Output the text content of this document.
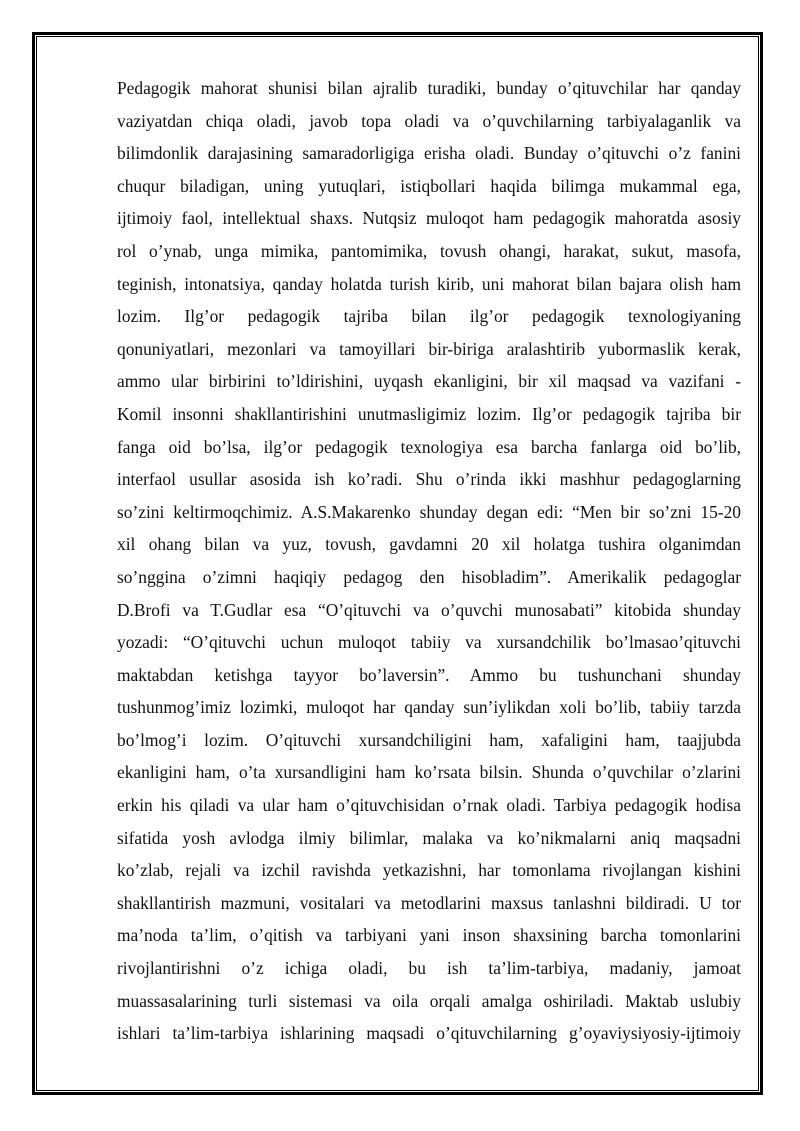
Pedagogik mahorat shunisi bilan ajralib turadiki, bunday o’qituvchilar har qanday
vaziyatdan chiqa oladi, javob topa oladi va o’quvchilarning tarbiyalaganlik va
bilimdonlik darajasining samaradorligiga erisha oladi. Bunday o’qituvchi o’z fanini
chuqur biladigan, uning yutuqlari, istiqbollari haqida bilimga mukammal ega,
ijtimoiy faol, intellektual shaxs. Nutqsiz muloqot ham pedagogik mahoratda asosiy
rol o’ynab, unga mimika, pantomimika, tovush ohangi, harakat, sukut, masofa,
teginish, intonatsiya, qanday holatda turish kirib, uni mahorat bilan bajara olish ham
lozim. Ilg’or pedagogik tajriba bilan ilg’or pedagogik texnologiyaning
qonuniyatlari, mezonlari va tamoyillari bir-biriga aralashtirib yubormaslik kerak,
ammo ular birbirini to’ldirishini, uyqash ekanligini, bir xil maqsad va vazifani -
Komil insonni shakllantirishini unutmasligimiz lozim. Ilg’or pedagogik tajriba bir
fanga oid bo’lsa, ilg’or pedagogik texnologiya esa barcha fanlarga oid bo’lib,
interfaol usullar asosida ish ko’radi. Shu o’rinda ikki mashhur pedagoglarning
so’zini keltirmoqchimiz. A.S.Makarenko shunday degan edi: “Men bir so’zni 15-20
xil ohang bilan va yuz, tovush, gavdamni 20 xil holatga tushira olganimdan
so’nggina o’zimni haqiqiy pedagog den hisobladim”. Amerikalik pedagoglar
D.Brofi va T.Gudlar esa “O’qituvchi va o’quvchi munosabati” kitobida shunday
yozadi: “O’qituvchi uchun muloqot tabiiy va xursandchilik bo’lmasao’qituvchi
maktabdan ketishga tayyor bo’laversin”. Ammo bu tushunchani shunday
tushunmog’imiz lozimki, muloqot har qanday sun’iylikdan xoli bo’lib, tabiiy tarzda
bo’lmog’i lozim. O’qituvchi xursandchiligini ham, xafaligini ham, taajjubda
ekanligini ham, o’ta xursandligini ham ko’rsata bilsin. Shunda o’quvchilar o’zlarini
erkin his qiladi va ular ham o’qituvchisidan o’rnak oladi. Tarbiya pedagogik hodisa
sifatida yosh avlodga ilmiy bilimlar, malaka va ko’nikmalarni aniq maqsadni
ko’zlab, rejali va izchil ravishda yetkazishni, har tomonlama rivojlangan kishini
shakllantirish mazmuni, vositalari va metodlarini maxsus tanlashni bildiradi. U tor
ma’noda ta’lim, o’qitish va tarbiyani yani inson shaxsining barcha tomonlarini
rivojlantirishni o’z ichiga oladi, bu ish ta’lim-tarbiya, madaniy, jamoat
muassasalarining turli sistemasi va oila orqali amalga oshiriladi. Maktab uslubiy
ishlari ta’lim-tarbiya ishlarining maqsadi o’qituvchilarning g’oyaviysiyosiy-ijtimoiy
